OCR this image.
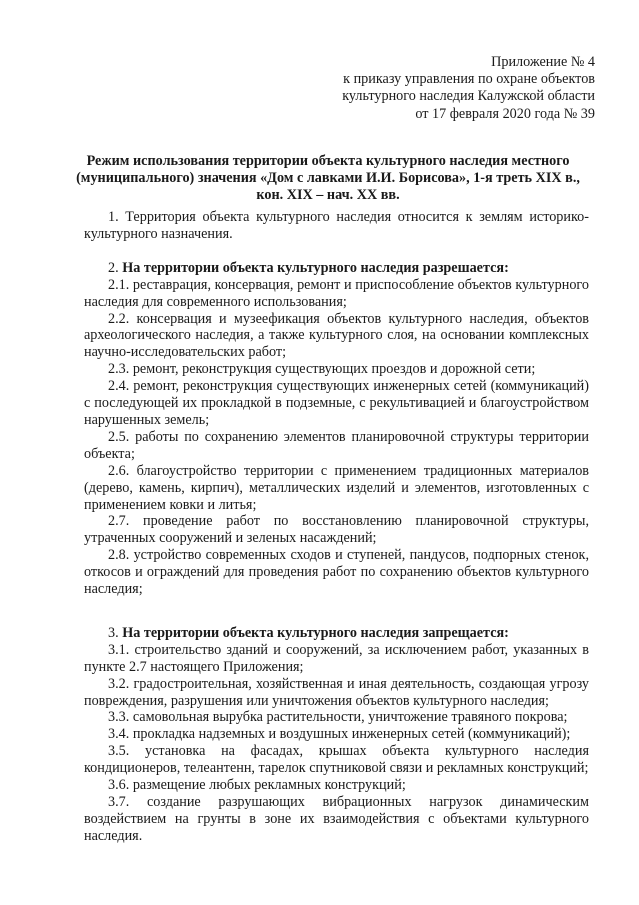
Приложение № 4
к приказу управления по охране объектов
культурного наследия Калужской области
от 17 февраля 2020 года № 39
Режим использования территории объекта культурного наследия местного
(муниципального) значения «Дом с лавками И.И. Борисова», 1-я треть XIX в.,
кон. XIX – нач. XX вв.

1. Территория объекта культурного наследия относится к землям историко-культурного назначения.

2. На территории объекта культурного наследия разрешается:

2.1. реставрация, консервация, ремонт и приспособление объектов культурного наследия для современного использования;

2.2. консервация и музеефикация объектов культурного наследия, объектов археологического наследия, а также культурного слоя, на основании комплексных научно-исследовательских работ;

2.3. ремонт, реконструкция существующих проездов и дорожной сети;

2.4. ремонт, реконструкция существующих инженерных сетей (коммуникаций) с последующей их прокладкой в подземные, с рекультивацией и благоустройством нарушенных земель;

2.5. работы по сохранению элементов планировочной структуры территории объекта;

2.6. благоустройство территории с применением традиционных материалов (дерево, камень, кирпич), металлических изделий и элементов, изготовленных с применением ковки и литья;

2.7. проведение работ по восстановлению планировочной структуры, утраченных сооружений и зеленых насаждений;

2.8. устройство современных сходов и ступеней, пандусов, подпорных стенок, откосов и ограждений для проведения работ по сохранению объектов культурного наследия;

3. На территории объекта культурного наследия запрещается:

3.1. строительство зданий и сооружений, за исключением работ, указанных в пункте 2.7 настоящего Приложения;

3.2. градостроительная, хозяйственная и иная деятельность, создающая угрозу повреждения, разрушения или уничтожения объектов культурного наследия;

3.3. самовольная вырубка растительности, уничтожение травяного покрова;

3.4. прокладка надземных и воздушных инженерных сетей (коммуникаций);

3.5. установка на фасадах, крышах объекта культурного наследия кондиционеров, телеантенн, тарелок спутниковой связи и рекламных конструкций;

3.6. размещение любых рекламных конструкций;

3.7. создание разрушающих вибрационных нагрузок динамическим воздействием на грунты в зоне их взаимодействия с объектами культурного наследия.
